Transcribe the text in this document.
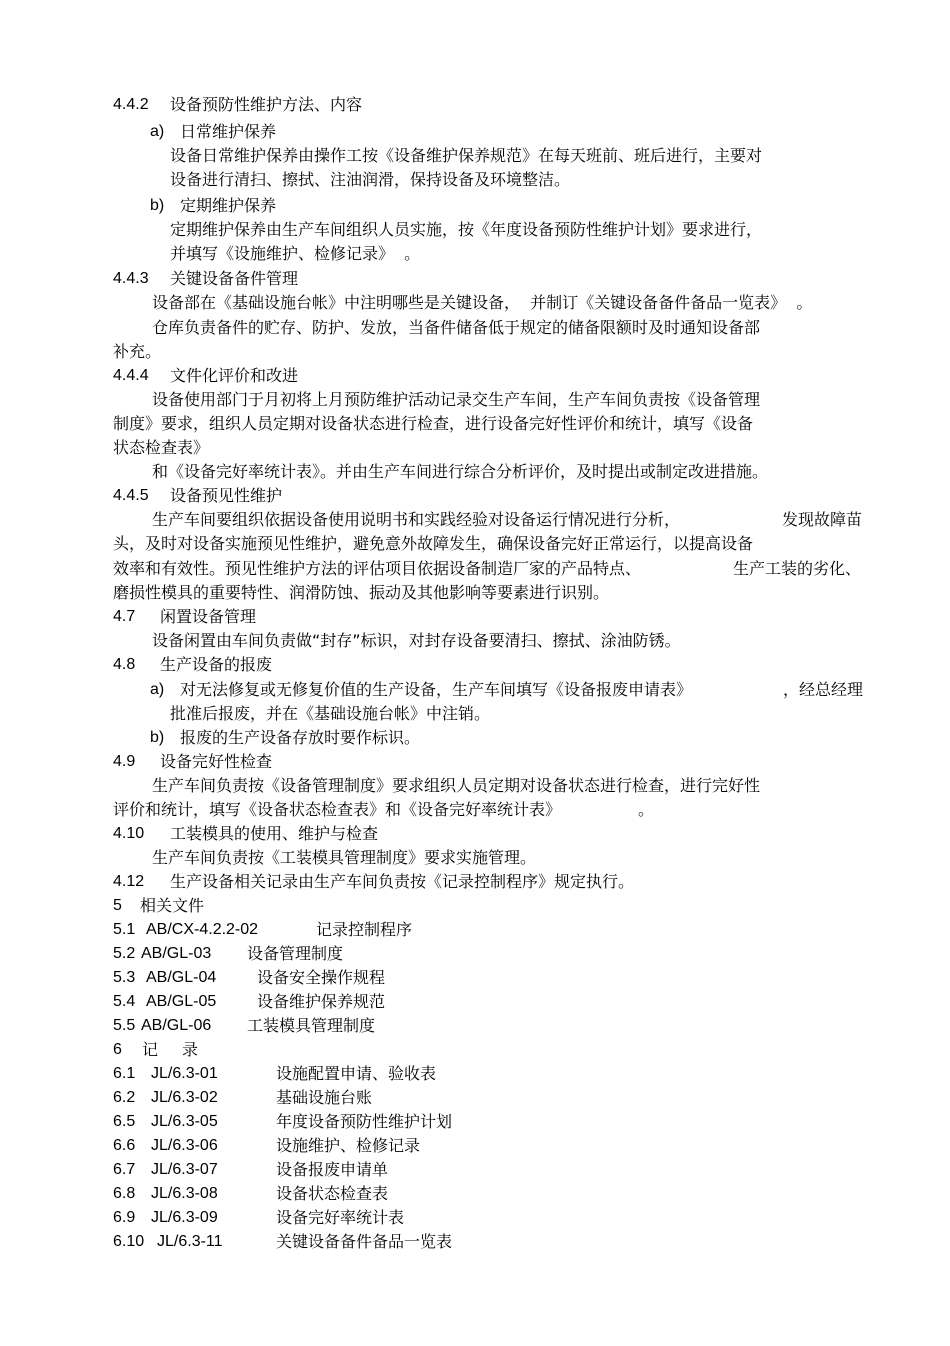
4.4.2 设备预防性维护方法、内容
a) 日常维护保养
设备日常维护保养由操作工按《设备维护保养规范》在每天班前、班后进行，主要对
设备进行清扫、擦拭、注油润滑，保持设备及环境整洁。
b) 定期维护保养
定期维护保养由生产车间组织人员实施，按《年度设备预防性维护计划》要求进行，
并填写《设施维护、检修记录》  。
4.4.3 关键设备备件管理
设备部在《基础设施台帐》中注明哪些是关键设备，  并制订《关键设备备件备品一览表》  。
仓库负责备件的贮存、防护、发放，当备件储备低于规定的储备限额时及时通知设备部
补充。
4.4.4 文件化评价和改进
设备使用部门于月初将上月预防维护活动记录交生产车间，生产车间负责按《设备管理
制度》要求，组织人员定期对设备状态进行检查，进行设备完好性评价和统计，填写《设备
状态检查表》
和《设备完好率统计表》。并由生产车间进行综合分析评价，及时提出或制定改进措施。
4.4.5 设备预见性维护
生产车间要组织依据设备使用说明书和实践经验对设备运行情况进行分析，	发现故障苗
头，及时对设备实施预见性维护，避免意外故障发生，确保设备完好正常运行，以提高设备
效率和有效性。预见性维护方法的评估项目依据设备制造厂家的产品特点、	生产工装的劣化、
磨损性模具的重要特性、润滑防蚀、振动及其他影响等要素进行识别。
4.7 闲置设备管理
设备闲置由车间负责做“封存”标识，对封存设备要清扫、擦拭、涂油防锈。
4.8 生产设备的报废
a) 对无法修复或无修复价值的生产设备，生产车间填写《设备报废申请表》	，经总经理
批准后报废，并在《基础设施台帐》中注销。
b) 报废的生产设备存放时要作标识。
4.9 设备完好性检查
生产车间负责按《设备管理制度》要求组织人员定期对设备状态进行检查，进行完好性
评价和统计，填写《设备状态检查表》和《设备完好率统计表》	。
4.10 工装模具的使用、维护与检查
生产车间负责按《工装模具管理制度》要求实施管理。
4.12 生产设备相关记录由生产车间负责按《记录控制程序》规定执行。
5 相关文件
5.1 AB/CX-4.2.2-02	记录控制程序
5.2 AB/GL-03 设备管理制度
5.3 AB/GL-04	设备安全操作规程
5.4 AB/GL-05	设备维护保养规范
5.5 AB/GL-06 工装模具管理制度
6 记 录
6.1 JL/6.3-01	设施配置申请、验收表
6.2 JL/6.3-02	基础设施台账
6.5 JL/6.3-05	年度设备预防性维护计划
6.6 JL/6.3-06	设施维护、检修记录
6.7 JL/6.3-07	设备报废申请单
6.8 JL/6.3-08	设备状态检查表
6.9 JL/6.3-09	设备完好率统计表
6.10 JL/6.3-11	关键设备备件备品一览表
